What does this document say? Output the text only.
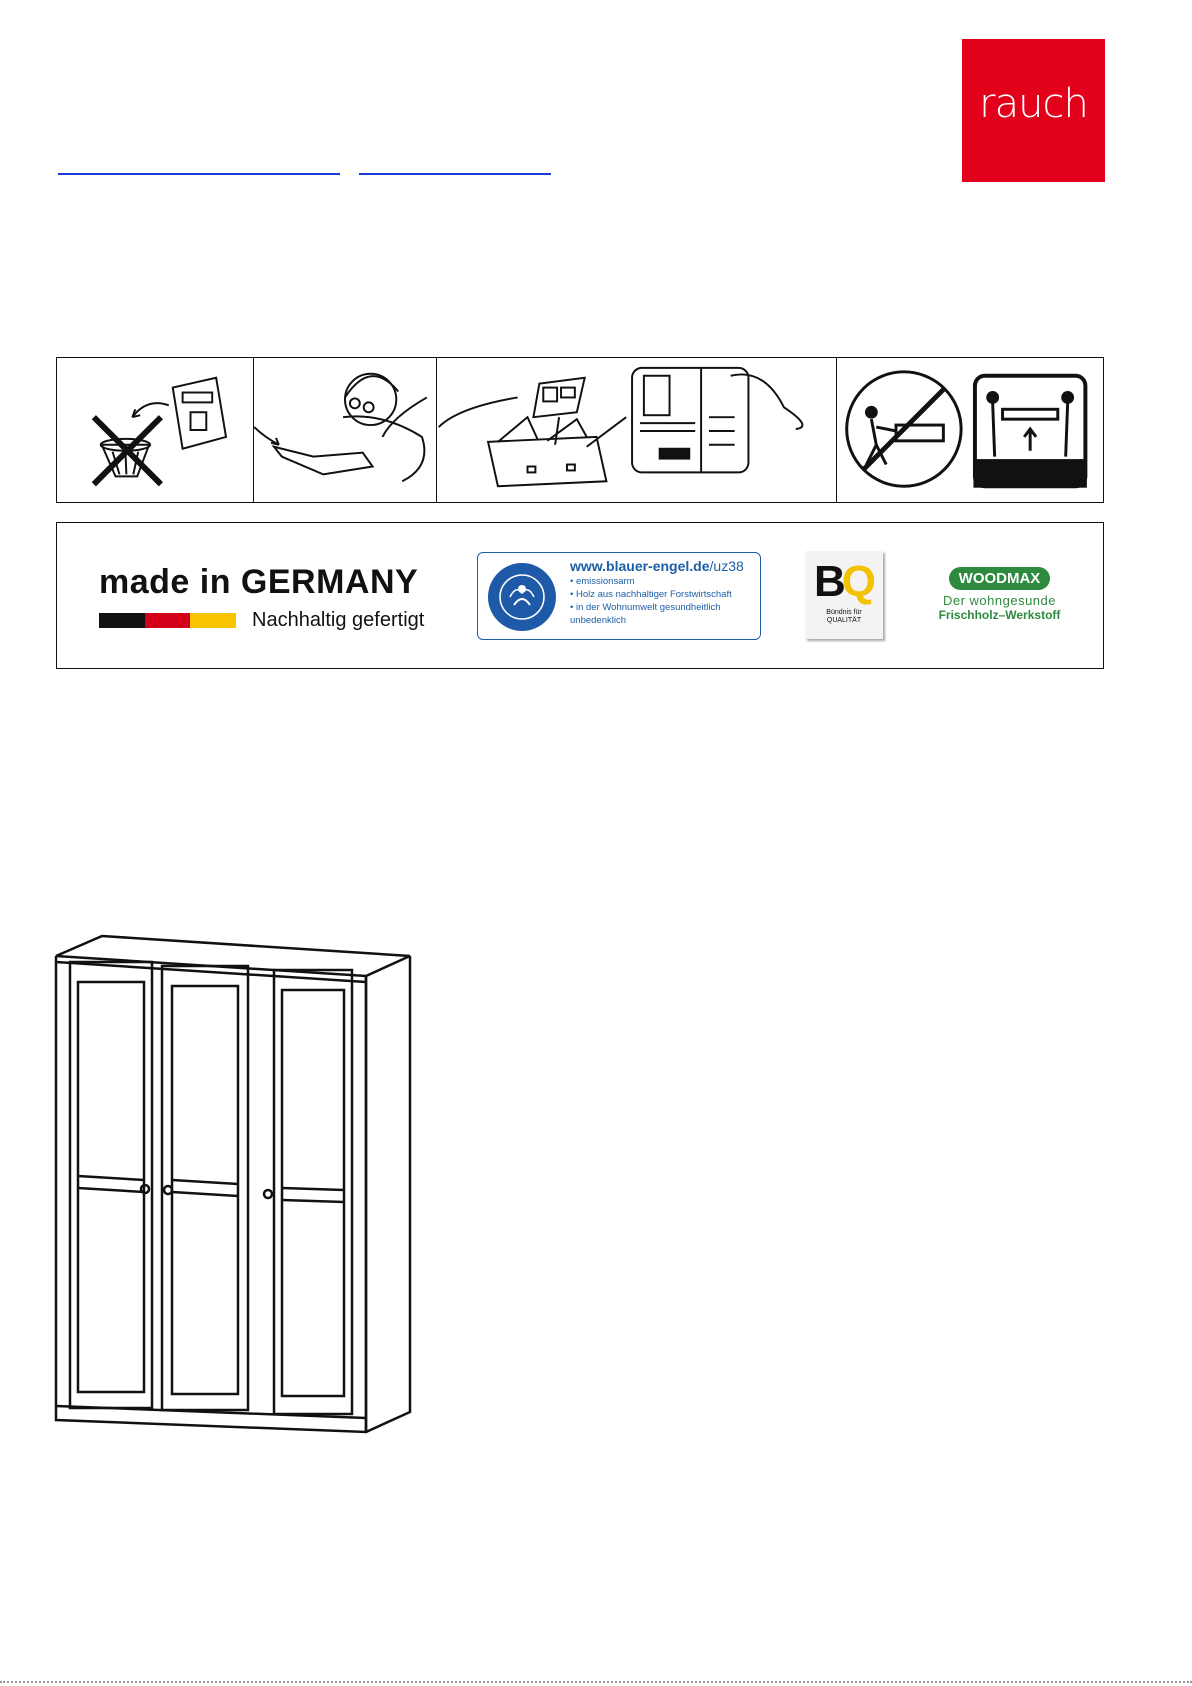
rauch
made in GERMANY
Nachhaltig gefertigt
www.blauer-engel.de/uz38
• emissionsarm
• Holz aus nachhaltiger Forstwirtschaft
• in der Wohnumwelt gesundheitlich unbedenklich
BQ
Bündnis für QUALITÄT
WOODMAX
Der wohngesunde
Frischholz–Werkstoff
